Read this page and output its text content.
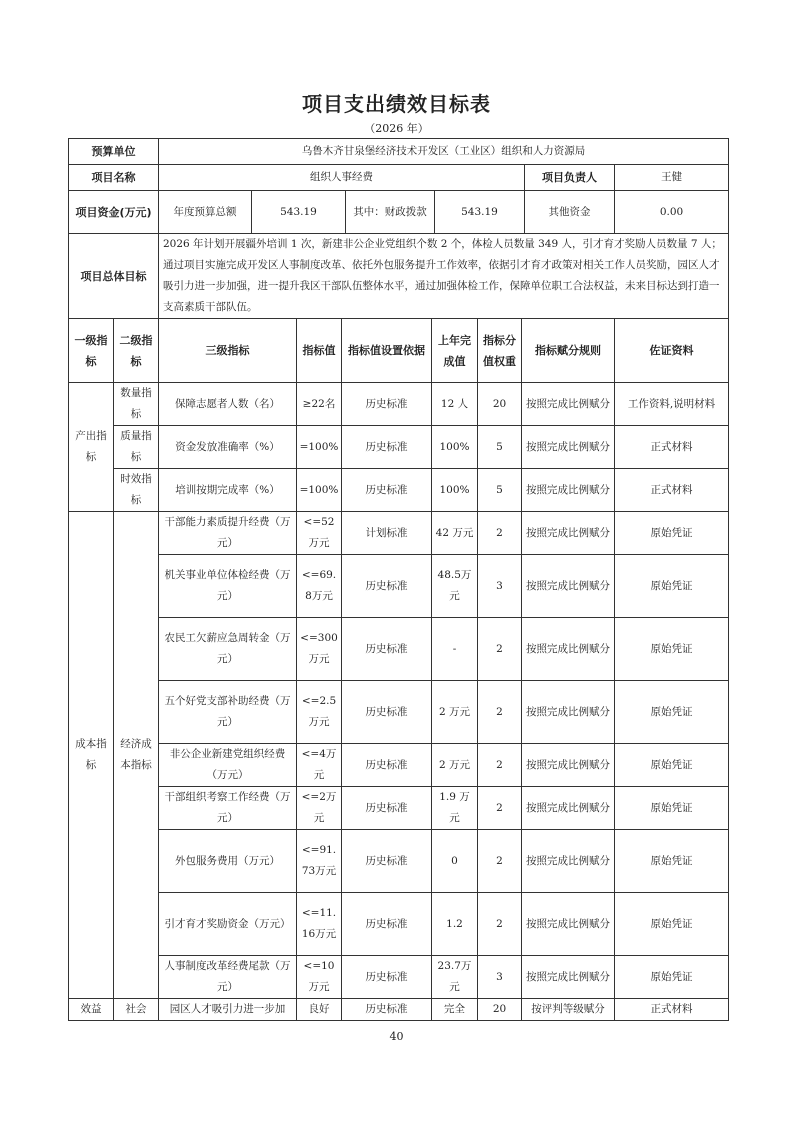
项目支出绩效目标表
（2026 年）
预算单位	乌鲁木齐甘泉堡经济技术开发区（工业区）组织和人力资源局					
项目名称	组织人事经费				项目负责人	王健
项目资金(万元)	年度预算总额	543.19	其中：财政拨款	543.19	其他资金	0.00
项目总体目标	2026 年计划开展疆外培训 1 次，新建非公企业党组织个数 2 个，体检人员数量 349 人，引才育才奖励人员数量 7 人；通过项目实施完成开发区人事制度改革、依托外包服务提升工作效率，依据引才育才政策对相关工作人员奖励，园区人才吸引力进一步加强，进一提升我区干部队伍整体水平，通过加强体检工作，保障单位职工合法权益，未来目标达到打造一支高素质干部队伍。					
一级指标	二级指标	三级指标	指标值	指标值设置依据	上年完成值	指标分值权重	指标赋分规则	佐证资料
产出指标	数量指标	保障志愿者人数（名）	≥22名	历史标准	12 人	20	按照完成比例赋分	工作资料,说明材料
	质量指标	资金发放准确率（%）	=100%	历史标准	100%	5	按照完成比例赋分	正式材料
	时效指标	培训按期完成率（%）	=100%	历史标准	100%	5	按照完成比例赋分	正式材料
成本指标	经济成本指标	干部能力素质提升经费（万元）	<=52万元	计划标准	42 万元	2	按照完成比例赋分	原始凭证
		机关事业单位体检经费（万元）	<=69.8万元	历史标准	48.5万元	3	按照完成比例赋分	原始凭证
		农民工欠薪应急周转金（万元）	<=300万元	历史标准	-	2	按照完成比例赋分	原始凭证
		五个好党支部补助经费（万元）	<=2.5万元	历史标准	2 万元	2	按照完成比例赋分	原始凭证
		非公企业新建党组织经费（万元）	<=4万元	历史标准	2 万元	2	按照完成比例赋分	原始凭证
		干部组织考察工作经费（万元）	<=2万元	历史标准	1.9 万元	2	按照完成比例赋分	原始凭证
		外包服务费用（万元）	<=91.73万元	历史标准	0	2	按照完成比例赋分	原始凭证
		引才育才奖励资金（万元）	<=11.16万元	历史标准	1.2	2	按照完成比例赋分	原始凭证
		人事制度改革经费尾款（万元）	<=10万元	历史标准	23.7万元	3	按照完成比例赋分	原始凭证
效益	社会	园区人才吸引力进一步加	良好	历史标准	完全	20	按评判等级赋分	正式材料
40
